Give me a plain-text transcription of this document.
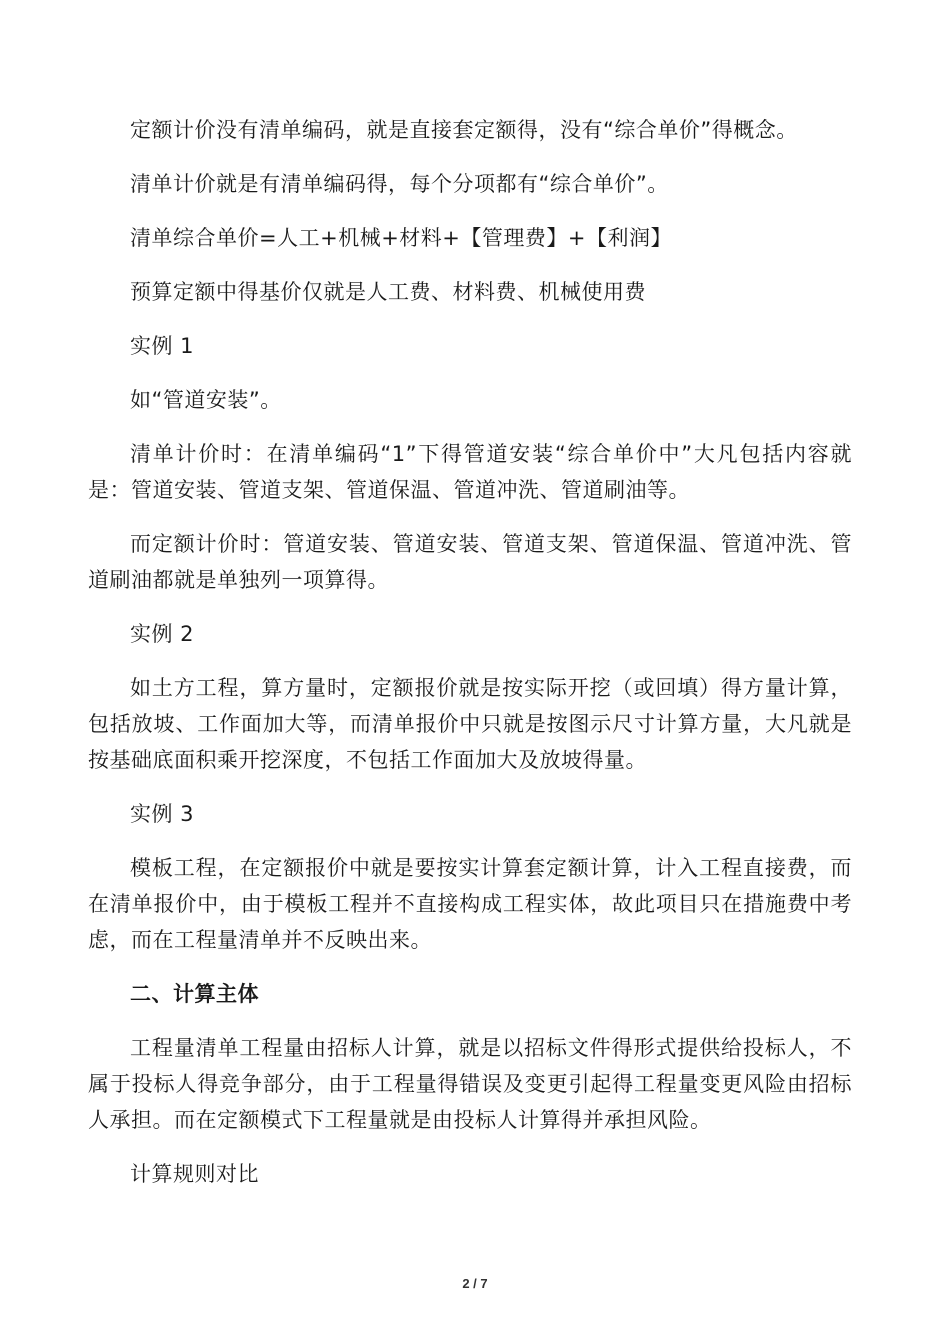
定额计价没有清单编码，就是直接套定额得，没有“综合单价”得概念。

清单计价就是有清单编码得，每个分项都有“综合单价”。

清单综合单价=人工+机械+材料+【管理费】+【利润】

预算定额中得基价仅就是人工费、材料费、机械使用费

实例 1

如“管道安装”。

清单计价时：在清单编码“1”下得管道安装“综合单价中”大凡包括内容就是：管道安装、管道支架、管道保温、管道冲洗、管道刷油等。

而定额计价时：管道安装、管道安装、管道支架、管道保温、管道冲洗、管道刷油都就是单独列一项算得。

实例 2

如土方工程，算方量时，定额报价就是按实际开挖（或回填）得方量计算，包括放坡、工作面加大等，而清单报价中只就是按图示尺寸计算方量，大凡就是按基础底面积乘开挖深度，不包括工作面加大及放坡得量。

实例 3

模板工程，在定额报价中就是要按实计算套定额计算，计入工程直接费，而在清单报价中，由于模板工程并不直接构成工程实体，故此项目只在措施费中考虑，而在工程量清单并不反映出来。

二、计算主体

工程量清单工程量由招标人计算，就是以招标文件得形式提供给投标人，不属于投标人得竞争部分，由于工程量得错误及变更引起得工程量变更风险由招标人承担。而在定额模式下工程量就是由投标人计算得并承担风险。

计算规则对比

2 / 7
